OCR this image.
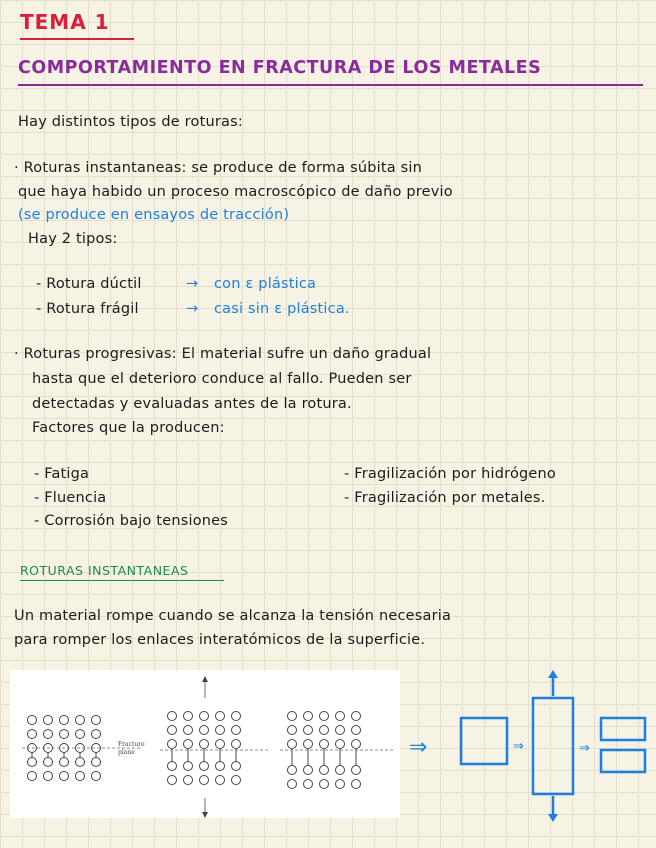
TEMA 1
COMPORTAMIENTO EN FRACTURA DE LOS METALES
Hay distintos tipos de roturas:
· Roturas instantaneas: se produce de forma súbita sin
que haya habido un proceso macroscópico de daño previo
(se produce en ensayos de tracción)
Hay 2 tipos:
- Rotura dúctil	→ con ε plástica
- Rotura frágil	→ casi sin ε plástica.
· Roturas progresivas: El material sufre un daño gradual
hasta que el deterioro conduce al fallo. Pueden ser
detectadas y evaluadas antes de la rotura.
Factores que la producen:
- Fatiga
- Fluencia
- Corrosión bajo tensiones
- Fragilización por hidrógeno
- Fragilización por metales.
ROTURAS INSTANTANEAS
Un material rompe cuando se alcanza la tensión necesaria
para romper los enlaces interatómicos de la superficie.
Fracture
plane	⇒	⇒	⇒
